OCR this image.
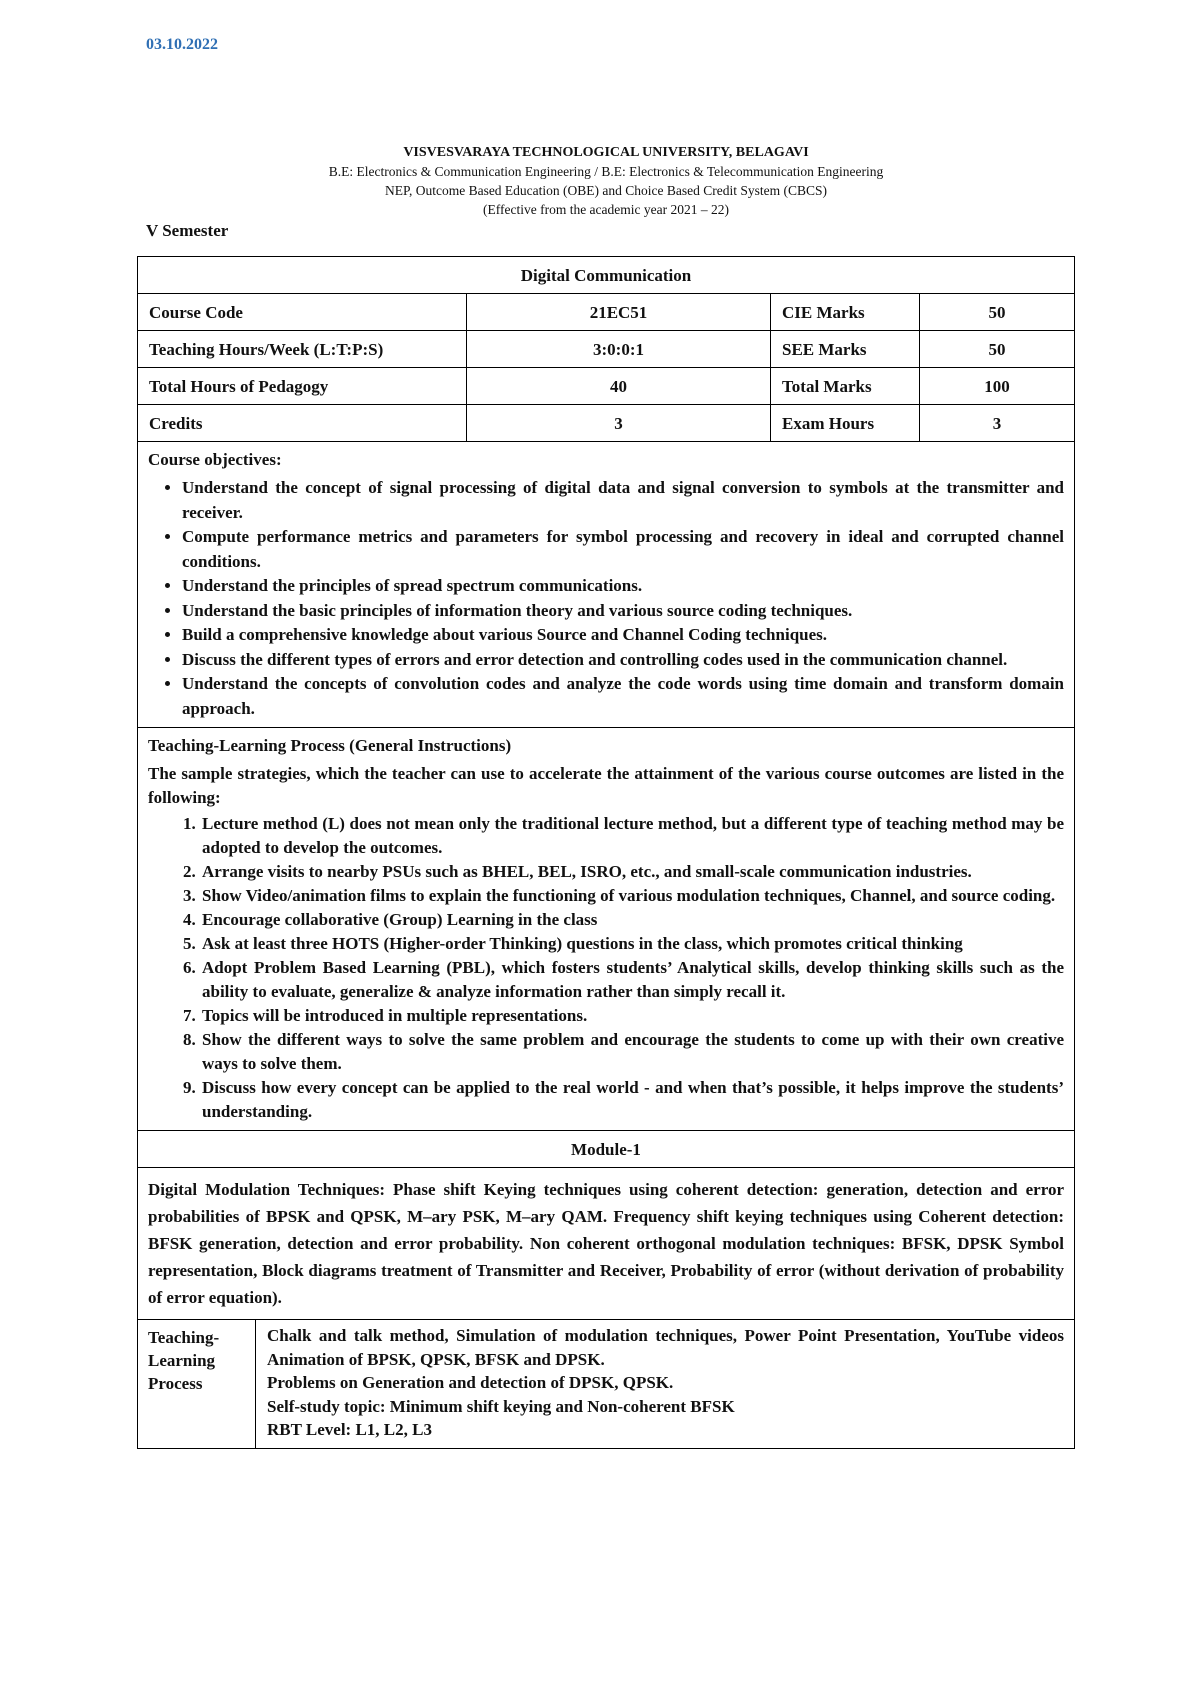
03.10.2022
VISVESVARAYA TECHNOLOGICAL UNIVERSITY, BELAGAVI
B.E: Electronics & Communication Engineering / B.E: Electronics & Telecommunication Engineering
NEP, Outcome Based Education (OBE) and Choice Based Credit System (CBCS)
(Effective from the academic year 2021 – 22)
V Semester
Digital Communication
Course Code	21EC51	CIE Marks	50
Teaching Hours/Week (L:T:P:S)	3:0:0:1	SEE Marks	50
Total Hours of Pedagogy	40	Total Marks	100
Credits	3	Exam Hours	3
Course objectives:
• Understand the concept of signal processing of digital data and signal conversion to symbols at the transmitter and receiver.
• Compute performance metrics and parameters for symbol processing and recovery in ideal and corrupted channel conditions.
• Understand the principles of spread spectrum communications.
• Understand the basic principles of information theory and various source coding techniques.
• Build a comprehensive knowledge about various Source and Channel Coding techniques.
• Discuss the different types of errors and error detection and controlling codes used in the communication channel.
• Understand the concepts of convolution codes and analyze the code words using time domain and transform domain approach.
Teaching-Learning Process (General Instructions)
The sample strategies, which the teacher can use to accelerate the attainment of the various course outcomes are listed in the following:
1. Lecture method (L) does not mean only the traditional lecture method, but a different type of teaching method may be adopted to develop the outcomes.
2. Arrange visits to nearby PSUs such as BHEL, BEL, ISRO, etc., and small-scale communication industries.
3. Show Video/animation films to explain the functioning of various modulation techniques, Channel, and source coding.
4. Encourage collaborative (Group) Learning in the class
5. Ask at least three HOTS (Higher-order Thinking) questions in the class, which promotes critical thinking
6. Adopt Problem Based Learning (PBL), which fosters students’ Analytical skills, develop thinking skills such as the ability to evaluate, generalize & analyze information rather than simply recall it.
7. Topics will be introduced in multiple representations.
8. Show the different ways to solve the same problem and encourage the students to come up with their own creative ways to solve them.
9. Discuss how every concept can be applied to the real world - and when that’s possible, it helps improve the students’ understanding.
Module-1
Digital Modulation Techniques: Phase shift Keying techniques using coherent detection: generation, detection and error probabilities of BPSK and QPSK, M–ary PSK, M–ary QAM. Frequency shift keying techniques using Coherent detection: BFSK generation, detection and error probability. Non coherent orthogonal modulation techniques: BFSK, DPSK Symbol representation, Block diagrams treatment of Transmitter and Receiver, Probability of error (without derivation of probability of error equation).
Teaching-Learning Process
Chalk and talk method, Simulation of modulation techniques, Power Point Presentation, YouTube videos Animation of BPSK, QPSK, BFSK and DPSK.
Problems on Generation and detection of DPSK, QPSK.
Self-study topic: Minimum shift keying and Non-coherent BFSK
RBT Level: L1, L2, L3
